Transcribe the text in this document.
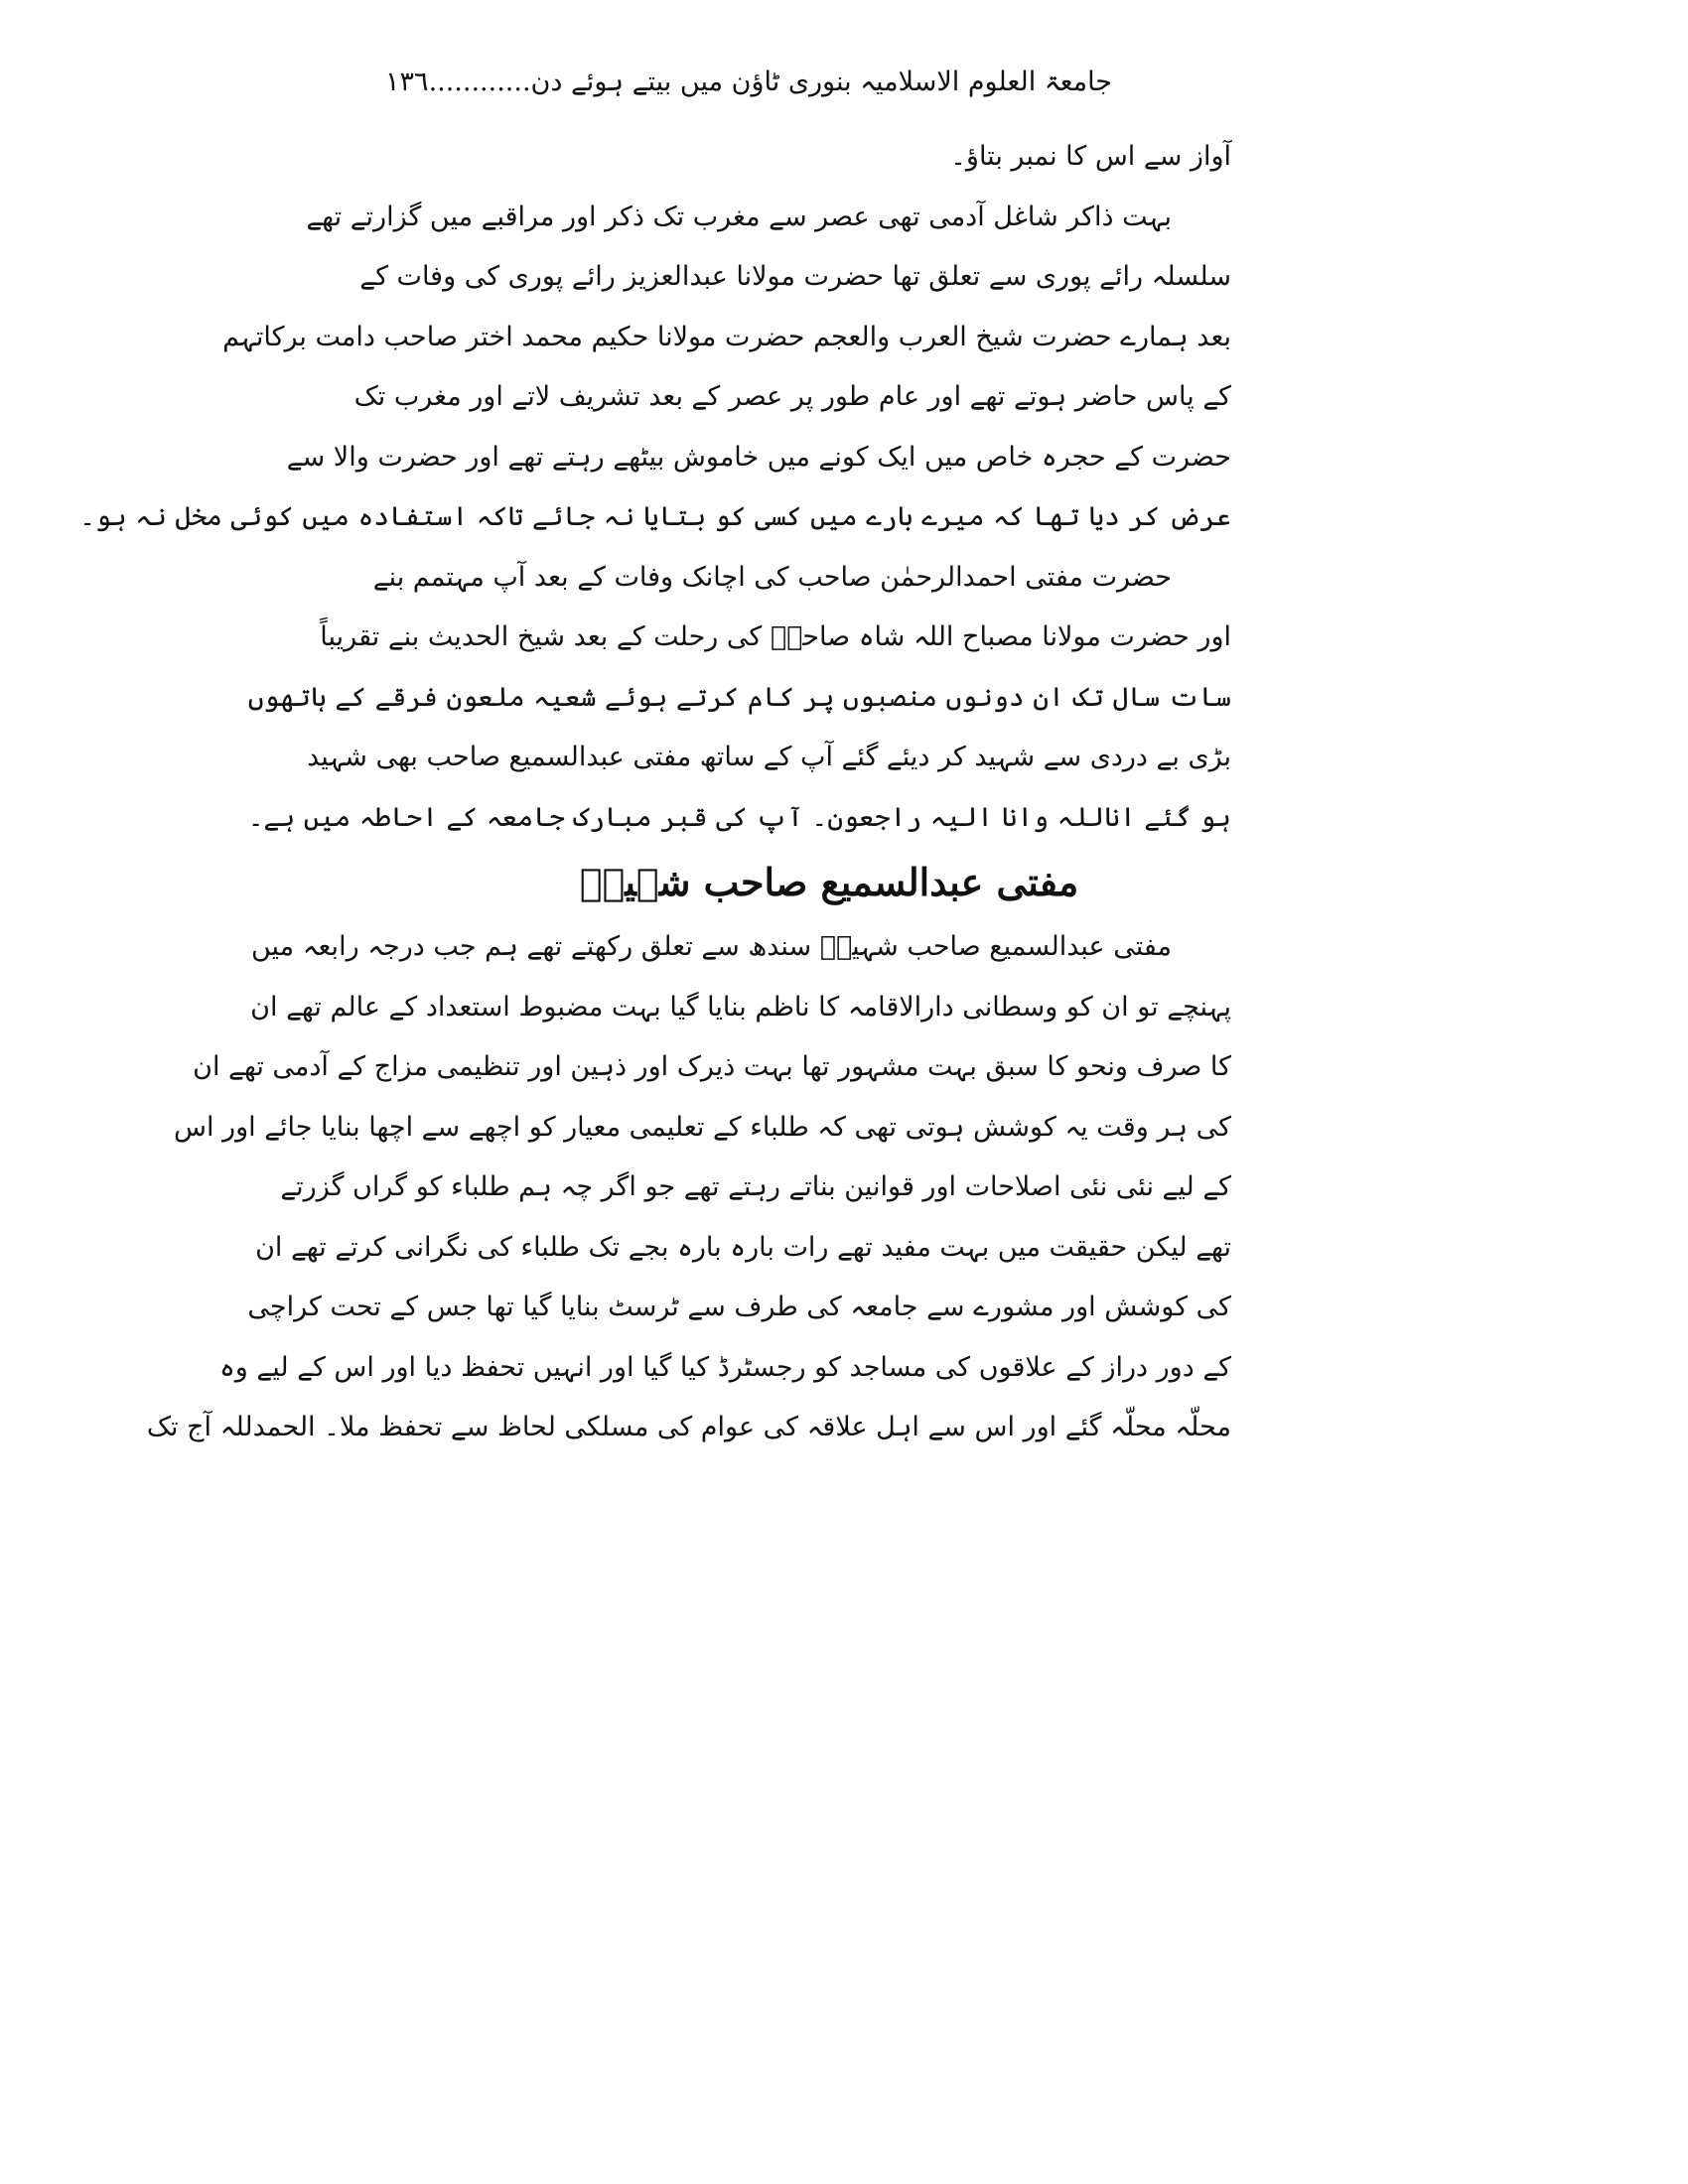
جامعۃ العلوم الاسلامیہ بنوری ٹاؤن میں بیتے ہوئے دن............١٣٦
آواز سے اس کا نمبر بتاؤ۔
بہت ذاکر شاغل آدمی تھی عصر سے مغرب تک ذکر اور مراقبے میں گزارتے تھے
سلسلہ رائے پوری سے تعلق تھا حضرت مولانا عبدالعزیز رائے پوری کی وفات کے
بعد ہمارے حضرت شیخ العرب والعجم حضرت مولانا حکیم محمد اختر صاحب دامت برکاتہم
کے پاس حاضر ہوتے تھے اور عام طور پر عصر کے بعد تشریف لاتے اور مغرب تک
حضرت کے حجرہ خاص میں ایک کونے میں خاموش بیٹھے رہتے تھے اور حضرت والا سے
عرض کر دیا تھا کہ میرے بارے میں کسی کو بتایا نہ جائے تاکہ استفادہ میں کوئی مخل نہ ہو۔
حضرت مفتی احمدالرحمٰن صاحب کی اچانک وفات کے بعد آپ مہتمم بنے
اور حضرت مولانا مصباح اللہ شاہ صاحبؒ کی رحلت کے بعد شیخ الحدیث بنے تقریباً
سات سال تک ان دونوں منصبوں پر کام کرتے ہوئے شعیہ ملعون فرقے کے ہاتھوں
بڑی بے دردی سے شہید کر دیئے گئے آپ کے ساتھ مفتی عبدالسمیع صاحب بھی شہید
ہو گئے اناللہ وانا الیہ راجعون۔ آپ کی قبر مبارک جامعہ کے احاطہ میں ہے۔
مفتی عبدالسمیع صاحب شہیدؒ
مفتی عبدالسمیع صاحب شہیدؒ سندھ سے تعلق رکھتے تھے ہم جب درجہ رابعہ میں
پہنچے تو ان کو وسطانی دارالاقامہ کا ناظم بنایا گیا بہت مضبوط استعداد کے عالم تھے ان
کا صرف ونحو کا سبق بہت مشہور تھا بہت ذیرک اور ذہین اور تنظیمی مزاج کے آدمی تھے ان
کی ہر وقت یہ کوشش ہوتی تھی کہ طلباء کے تعلیمی معیار کو اچھے سے اچھا بنایا جائے اور اس
کے لیے نئی نئی اصلاحات اور قوانین بناتے رہتے تھے جو اگر چہ ہم طلباء کو گراں گزرتے
تھے لیکن حقیقت میں بہت مفید تھے رات بارہ بارہ بجے تک طلباء کی نگرانی کرتے تھے ان
کی کوشش اور مشورے سے جامعہ کی طرف سے ٹرسٹ بنایا گیا تھا جس کے تحت کراچی
کے دور دراز کے علاقوں کی مساجد کو رجسٹرڈ کیا گیا اور انہیں تحفظ دیا اور اس کے لیے وہ
محلّہ محلّہ گئے اور اس سے اہل علاقہ کی عوام کی مسلکی لحاظ سے تحفظ ملا۔ الحمدللہ آج تک
